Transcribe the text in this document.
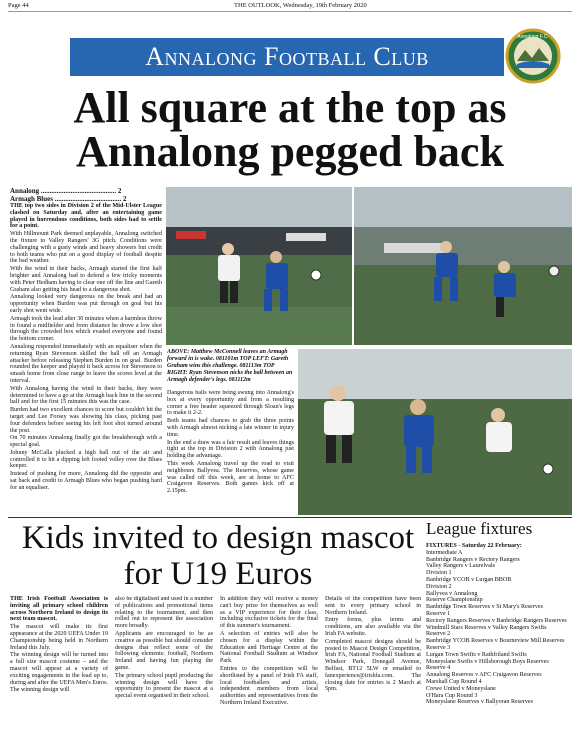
Page 44	THE OUTLOOK, Wednesday, 19th February 2020
Annalong Football Club
Annalong F.C.
All square at the top as Annalong pegged back
Annalong ........................................... 2
Armagh Blues ...................................... 2

THE top two sides in Division 2 of the Mid-Ulster League clashed on Saturday and, after an entertaining game played in horrendous conditions, both sides had to settle for a point.

With Hillmount Park deemed unplayable, Annalong switched the fixture to Valley Rangers' 3G pitch. Conditions were challenging with a gusty winds and heavy showers but credit to both teams who put on a good display of football despite the bad weather.

With the wind in their backs, Armagh started the first half brighter and Annalong had to defend a few tricky moments with Peter Hedham having to clear one off the line and Gareth Graham also getting his head to a dangerous shot.

Annalong looked very dangerous on the break and had an opportunity when Burden was put through on goal but his early shot went wide.

Armagh took the lead after 30 minutes when a harmless throw in found a midfielder and from distance he drove a low shot through the crowded box which evaded everyone and found the bottom corner.

Annalong responded immediately with an equaliser when the returning Ryan Stevenson skilled the ball off an Armagh attacker before releasing Stephen Burden in on goal. Burden rounded the keeper and played it back across for Stevenson to smash home from close range to leave the scores level at the interval.

With Annalong having the wind in their backs, they were determined to have a go at the Armagh back line in the second half and for the first 15 minutes this was the case.

Burden had two excellent chances to score but couldn't hit the target and Lee Forsey was showing his class, picking past four defenders before seeing his left foot shot turned around the post.

On 70 minutes Annalong finally got the breakthrough with a special goal.

Johnny McCalla plucked a high ball out of the air and controlled it to hit a dipping left footed volley over the Blues keeper.

Instead of pushing for more, Annalong did the opposite and sat back and credit to Armagh Blues who began pushing hard for an equaliser.

ABOVE: Matthew McConnell leaves an Armagh forward in is wake. 081101m TOP LEFT: Gareth Graham wins this challenge. 081113m TOP RIGHT: Ryan Stevenson nicks the ball between an Armagh defender's legs. 081112m

Dangerous balls were being swung into Annalong's box at every opportunity and from a resulting corner a free header squeezed through Sloan's legs to make it 2-2.

Both teams had chances to grab the three points with Armagh almost nicking a late winner in injury time.

In the end a draw was a fair result and leaves things tight at the top in Division 2 with Annalong just holding the advantage.

This week Annalong travel up the road to visit neighbours Ballyvea. The Reserves, whose game was called off this week, are at home to AFC Craigavon Reserves. Both games kick off at 2.15pm.

Kids invited to design mascot for U19 Euros

THE Irish Football Association is inviting all primary school children across Northern Ireland to design its next team mascot.

The mascot will make its first appearance at the 2020 UEFA Under 19 Championship being held in Northern Ireland this July.

The winning design will be turned into a full size mascot costume – and the mascot will appear at a variety of exciting engagements in the lead up to, during and after the UEFA Men's Euros.

The winning design will

also be digitalised and used in a number of publications and promotional items relating to the tournament, and then rolled out to represent the association more broadly.

Applicants are encouraged to be as creative as possible but should consider designs that reflect some of the following elements: football, Northern Ireland and having fun playing the game.

The primary school pupil producing the winning design will have the opportunity to present the mascot at a special event organised in their school.

In addition they will receive a money can't buy prize for themselves as well as a VIP experience for their class, including exclusive tickets for the final of this summer's tournament.

A selection of entries will also be chosen for a display within the Education and Heritage Centre at the National Football Stadium at Windsor Park.

Entries to the competition will be shortlisted by a panel of Irish FA staff, local footballers and artists, independent members from local authorities and representatives from the Northern Ireland Executive.

Details of the competition have been sent to every primary school in Northern Ireland.

Entry forms, plus terms and conditions, are also available via the Irish FA website.

Completed mascot designs should be posted to Mascot Design Competition, Irish FA, National Football Stadium at Windsor Park, Donegall Avenue, Belfast, BT12 5LW or emailed to fanexperience@irishfa.com. The closing date for entries is 2 March at 5pm.

League fixtures
FIXTURES - Saturday 22 February:
Intermediate A
Banbridge Rangers v Rectory Rangers
Valley Rangers v Laurelvale
Division 1
Banbridge YCOB v Lurgan BBOB
Division 2
Ballyvea v Annalong
Reserve Championship
Banbridge Town Reserves v St Mary's Reserves
Reserve 1
Rectory Rangers Reserves v Banbridge Rangers Reserves
Windmill Stars Reserves v Valley Rangers Swifts
Reserve 2
Banbridge YCOB Reserves v Bourneview Mill Reserves
Reserve 3
Lurgan Town Swifts v Rathfriland Swifts
Moneyslane Swifts v Hillsborough Boys Reserves
Reserve 4
Annalong Reserves v AFC Craigavon Reserves
Marshall Cup Round 4
Crewe United v Moneyslane
O'Hara Cup Round 3
Moneyslane Reserves v Ballyoran Reserves
